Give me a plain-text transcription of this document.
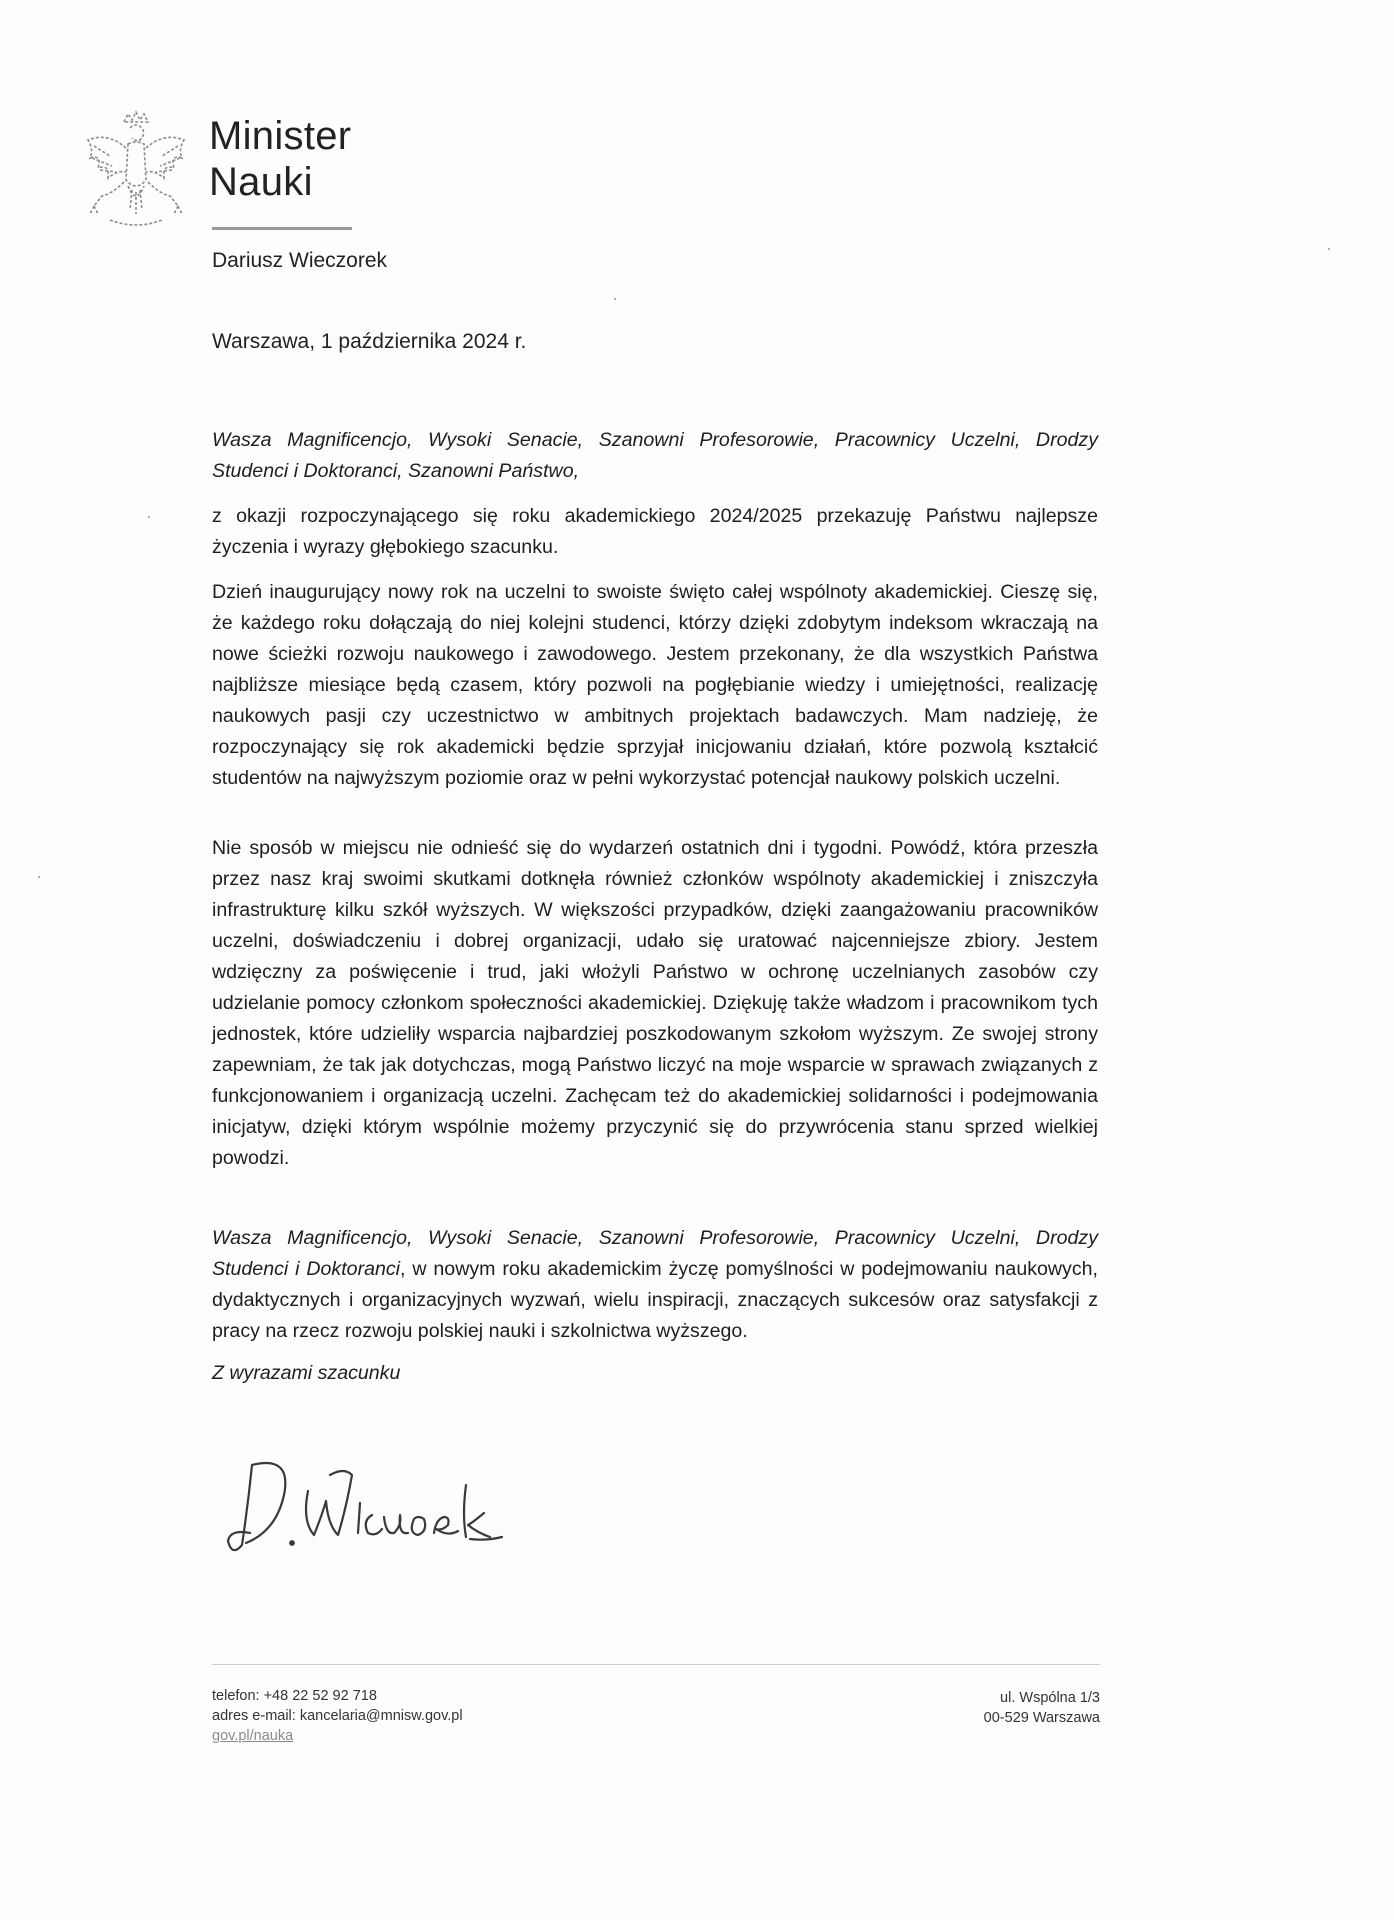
Minister
Nauki
Dariusz Wieczorek
Warszawa, 1 października 2024 r.
Wasza Magnificencjo, Wysoki Senacie, Szanowni Profesorowie, Pracownicy Uczelni, Drodzy Studenci i Doktoranci, Szanowni Państwo,
z okazji rozpoczynającego się roku akademickiego 2024/2025 przekazuję Państwu najlepsze życzenia i wyrazy głębokiego szacunku.
Dzień inaugurujący nowy rok na uczelni to swoiste święto całej wspólnoty akademickiej. Cieszę się, że każdego roku dołączają do niej kolejni studenci, którzy dzięki zdobytym indeksom wkraczają na nowe ścieżki rozwoju naukowego i zawodowego. Jestem przekonany, że dla wszystkich Państwa najbliższe miesiące będą czasem, który pozwoli na pogłębianie wiedzy i umiejętności, realizację naukowych pasji czy uczestnictwo w ambitnych projektach badawczych. Mam nadzieję, że rozpoczynający się rok akademicki będzie sprzyjał inicjowaniu działań, które pozwolą kształcić studentów na najwyższym poziomie oraz w pełni wykorzystać potencjał naukowy polskich uczelni.
Nie sposób w miejscu nie odnieść się do wydarzeń ostatnich dni i tygodni. Powódź, która przeszła przez nasz kraj swoimi skutkami dotknęła również członków wspólnoty akademickiej i zniszczyła infrastrukturę kilku szkół wyższych. W większości przypadków, dzięki zaangażowaniu pracowników uczelni, doświadczeniu i dobrej organizacji, udało się uratować najcenniejsze zbiory. Jestem wdzięczny za poświęcenie i trud, jaki włożyli Państwo w ochronę uczelnianych zasobów czy udzielanie pomocy członkom społeczności akademickiej. Dziękuję także władzom i pracownikom tych jednostek, które udzieliły wsparcia najbardziej poszkodowanym szkołom wyższym. Ze swojej strony zapewniam, że tak jak dotychczas, mogą Państwo liczyć na moje wsparcie w sprawach związanych z funkcjonowaniem i organizacją uczelni. Zachęcam też do akademickiej solidarności i podejmowania inicjatyw, dzięki którym wspólnie możemy przyczynić się do przywrócenia stanu sprzed wielkiej powodzi.
Wasza Magnificencjo, Wysoki Senacie, Szanowni Profesorowie, Pracownicy Uczelni, Drodzy Studenci i Doktoranci, w nowym roku akademickim życzę pomyślności w podejmowaniu naukowych, dydaktycznych i organizacyjnych wyzwań, wielu inspiracji, znaczących sukcesów oraz satysfakcji z pracy na rzecz rozwoju polskiej nauki i szkolnictwa wyższego.
Z wyrazami szacunku
telefon: +48 22 52 92 718
adres e-mail: kancelaria@mnisw.gov.pl
gov.pl/nauka
ul. Wspólna 1/3
00-529 Warszawa
